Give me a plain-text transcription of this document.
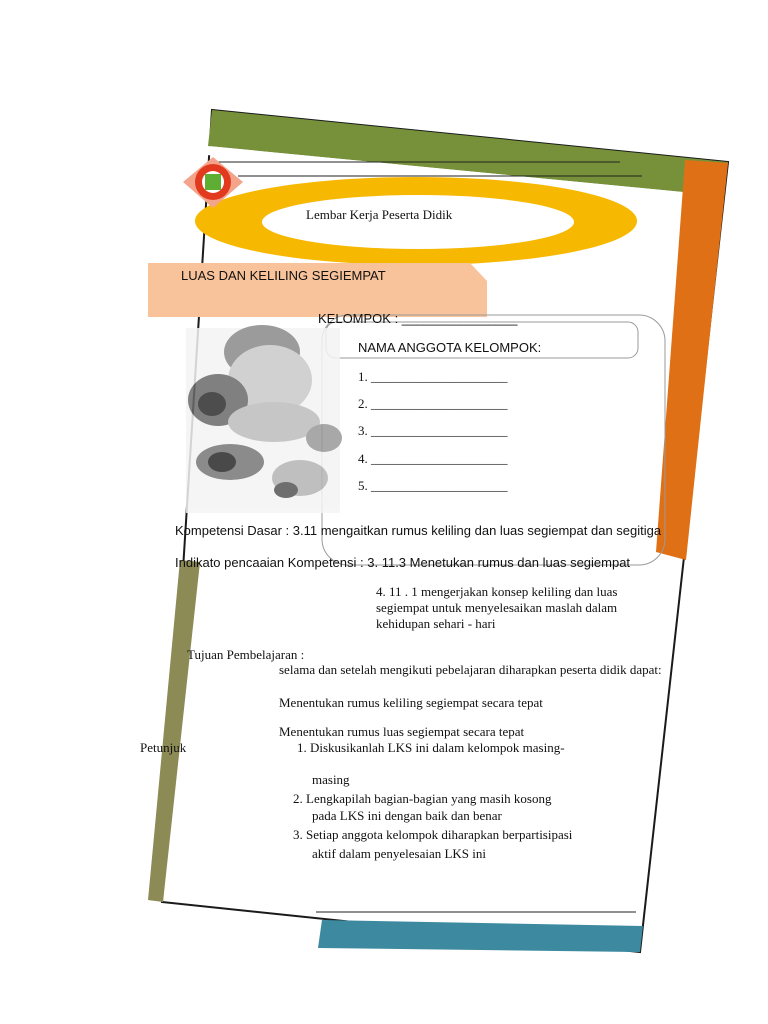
Lembar Kerja Peserta Didik
LUAS DAN KELILING SEGIEMPAT
KELOMPOK : ________________
NAMA ANGGOTA KELOMPOK:
1. _____________________
2. _____________________
3. _____________________
4. _____________________
5. _____________________
Kompetensi Dasar : 3.11 mengaitkan rumus keliling dan luas segiempat dan segitiga
Indikato pencaaian Kompetensi : 3. 11.3 Menetukan rumus dan luas segiempat
4. 11 . 1 mengerjakan konsep keliling dan luas
segiempat untuk menyelesaikan maslah dalam
kehidupan sehari - hari
Tujuan Pembelajaran :
selama dan setelah mengikuti pebelajaran diharapkan peserta didik dapat:
Menentukan rumus keliling segiempat secara tepat
Menentukan rumus luas segiempat secara tepat
Petunjuk	1. Diskusikanlah LKS ini dalam kelompok masing-
masing
2. Lengkapilah bagian-bagian yang masih kosong
pada LKS ini dengan baik dan benar
3. Setiap anggota kelompok diharapkan berpartisipasi
aktif dalam penyelesaian LKS ini
